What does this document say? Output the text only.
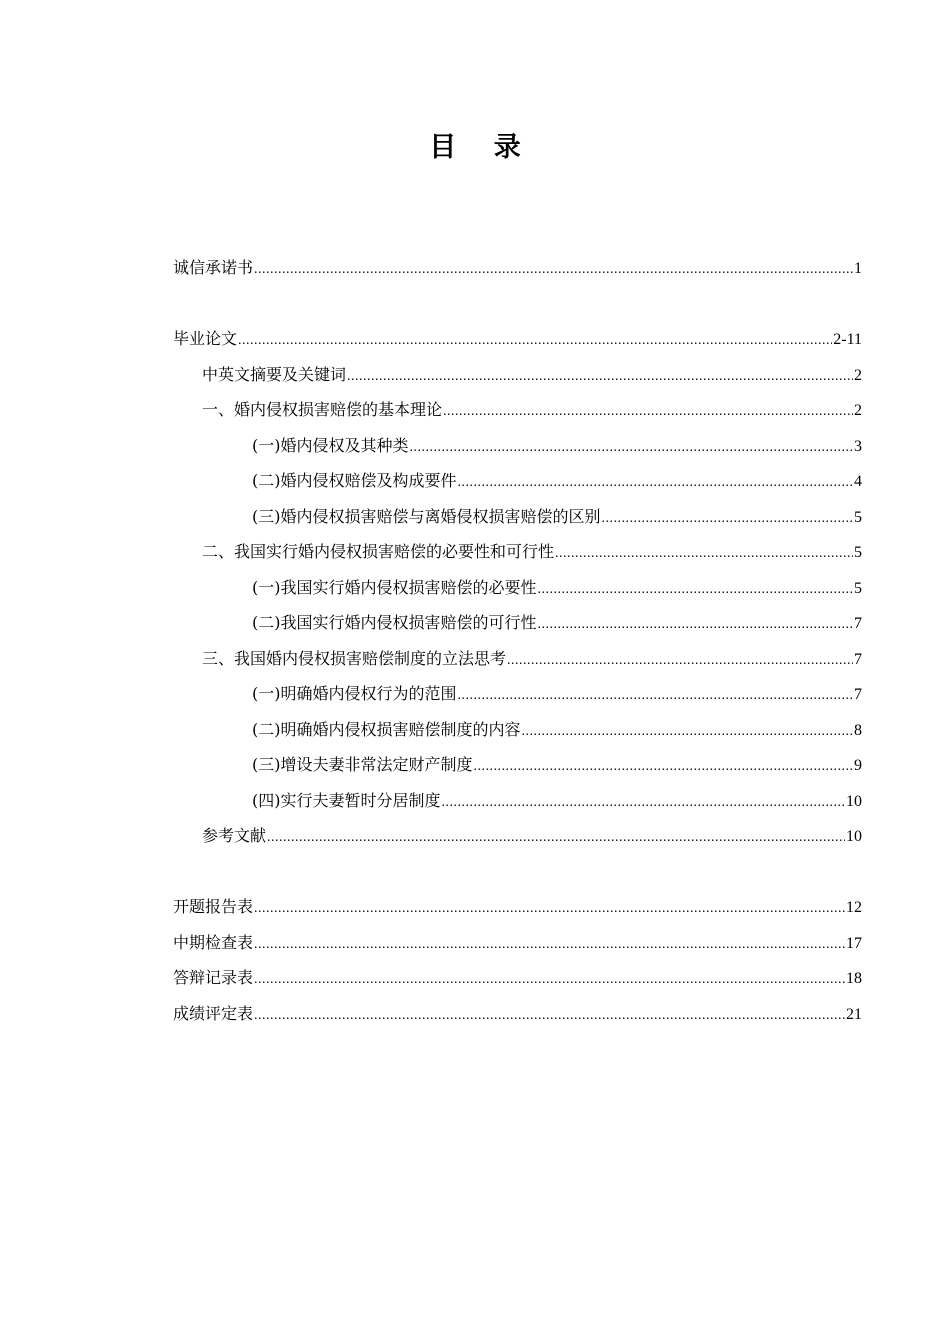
目 录
诚信承诺书 .....	1
毕业论文 .....	2-11
中英文摘要及关键词 .....	2
一、婚内侵权损害赔偿的基本理论 .....	2
(一)婚内侵权及其种类 .....	3
(二)婚内侵权赔偿及构成要件 .....	4
(三)婚内侵权损害赔偿与离婚侵权损害赔偿的区别 .....	5
二、我国实行婚内侵权损害赔偿的必要性和可行性 .....	5
(一)我国实行婚内侵权损害赔偿的必要性 .....	5
(二)我国实行婚内侵权损害赔偿的可行性 .....	7
三、我国婚内侵权损害赔偿制度的立法思考 .....	7
(一)明确婚内侵权行为的范围 .....	7
(二)明确婚内侵权损害赔偿制度的内容 .....	8
(三)增设夫妻非常法定财产制度 .....	9
(四)实行夫妻暂时分居制度 .....	10
参考文献 .....	10
开题报告表 .....	12
中期检查表 .....	17
答辩记录表 .....	18
成绩评定表 .....	21
